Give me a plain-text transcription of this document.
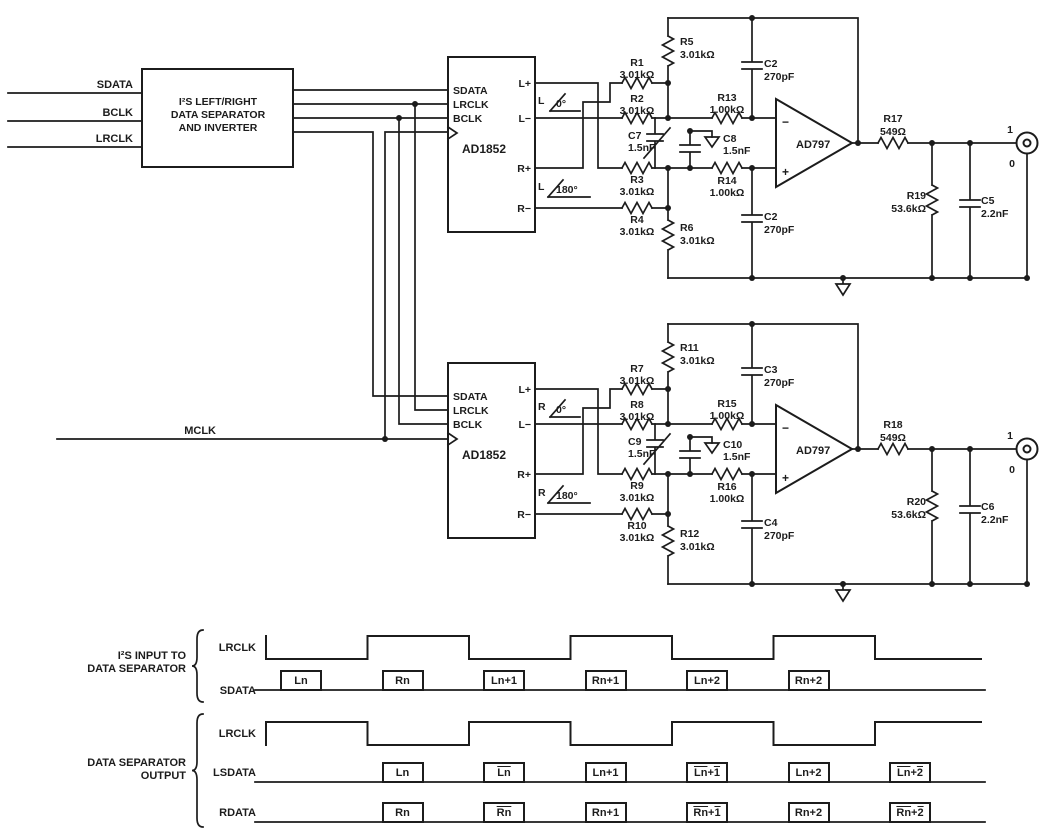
SDATA
BCLK
LRCLK
MCLK
I²S LEFT/RIGHT
DATA SEPARATOR
AND INVERTER
SDATA
LRCLK
BCLK
AD1852
L+
L−
R+
R−
L 0°
L 180°
R1
3.01kΩ
R2
3.01kΩ
R3
3.01kΩ
R4
3.01kΩ
R5
3.01kΩ
R6
3.01kΩ
R13
1.00kΩ
R14
1.00kΩ
C2
270pF
C2
270pF
C7
1.5nF
C8
1.5nF
−
+
AD797
R17
549Ω
R19
53.6kΩ
C5
2.2nF
1
0
SDATA
LRCLK
BCLK
AD1852
L+
L−
R+
R−
R 0°
R 180°
R7
3.01kΩ
R8
3.01kΩ
R9
3.01kΩ
R10
3.01kΩ
R11
3.01kΩ
R12
3.01kΩ
R15
1.00kΩ
R16
1.00kΩ
C3
270pF
C4
270pF
C9
1.5nF
C10
1.5nF
−
+
AD797
R18
549Ω
R20
53.6kΩ
C6
2.2nF
1
0
I²S INPUT TO
DATA SEPARATOR
DATA SEPARATOR
OUTPUT
LRCLK
SDATA
LRCLK
LSDATA
RDATA
Ln	Rn	Ln+1	Rn+1	Ln+2	Rn+2
Ln	$\overline{Ln}$	Ln+1	$\overline{Ln} + 1$	Ln+2	$\overline{Ln} + 2$
Rn	$\overline{Rn}$	Rn+1	$\overline{Rn} + 1$	Rn+2	$\overline{Rn} + 2$
